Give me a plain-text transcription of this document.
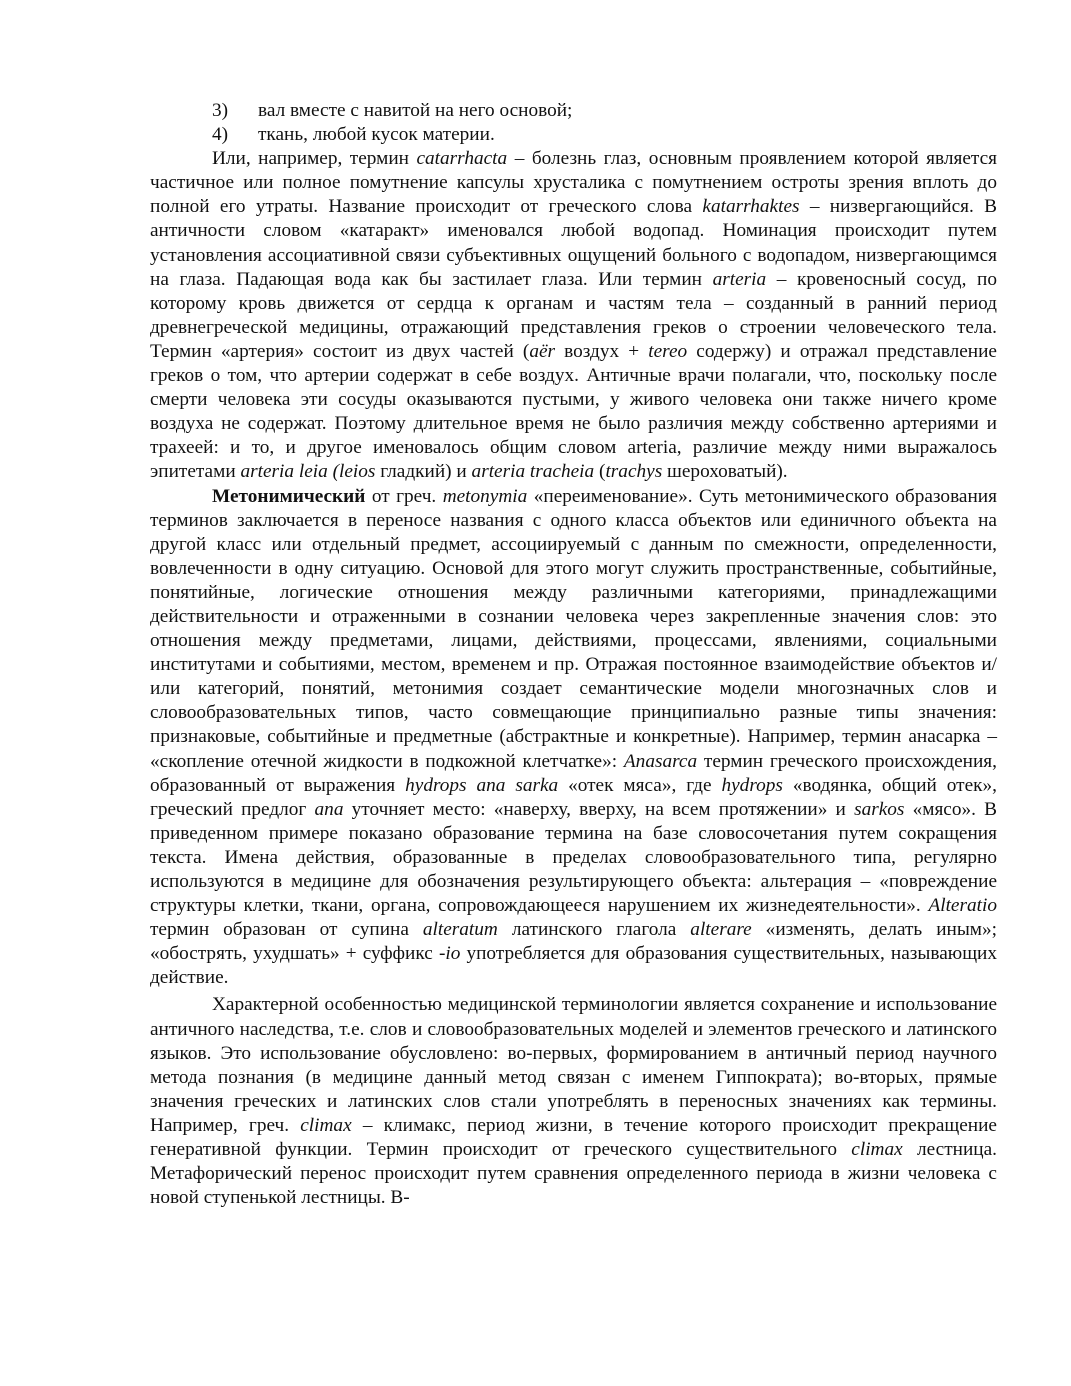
3)	вал вместе с навитой на него основой;
4)	ткань, любой кусок материи.

Или, например, термин catarrhacta – болезнь глаз, основным проявлением которой является частичное или полное помутнение капсулы хрусталика с помутнением остроты зрения вплоть до полной его утраты. Название происходит от греческого слова katarrhaktes – низвергающийся. В античности словом «катаракт» именовался любой водопад. Номинация происходит путем установления ассоциативной связи субъективных ощущений больного с водопадом, низвергающимся на глаза. Падающая вода как бы застилает глаза. Или термин arteria – кровеносный сосуд, по которому кровь движется от сердца к органам и частям тела – созданный в ранний период древнегреческой медицины, отражающий представления греков о строении человеческого тела. Термин «артерия» состоит из двух частей (aёr воздух + tereo содержу) и отражал представление греков о том, что артерии содержат в себе воздух. Античные врачи полагали, что, поскольку после смерти человека эти сосуды оказываются пустыми, у живого человека они также ничего кроме воздуха не содержат. Поэтому длительное время не было различия между собственно артериями и трахеей: и то, и другое именовалось общим словом arteria, различие между ними выражалось эпитетами arteria leia (leios гладкий) и arteria tracheia (trachys шероховатый).

Метонимический от греч. metonymia «переименование». Суть метонимического образования терминов заключается в переносе названия с одного класса объектов или единичного объекта на другой класс или отдельный предмет, ассоциируемый с данным по смежности, определенности, вовлеченности в одну ситуацию. Основой для этого могут служить пространственные, событийные, понятийные, логические отношения между различными категориями, принадлежащими действительности и отраженными в сознании человека через закрепленные значения слов: это отношения между предметами, лицами, действиями, процессами, явлениями, социальными институтами и событиями, местом, временем и пр. Отражая постоянное взаимодействие объектов и/или категорий, понятий, метонимия создает семантические модели многозначных слов и словообразовательных типов, часто совмещающие принципиально разные типы значения: признаковые, событийные и предметные (абстрактные и конкретные). Например, термин анасарка – «скопление отечной жидкости в подкожной клетчатке»: Anasarca термин греческого происхождения, образованный от выражения hydrops ana sarka «отек мяса», где hydrops «водянка, общий отек», греческий предлог ana уточняет место: «наверху, вверху, на всем протяжении» и sarkos «мясо». В приведенном примере показано образование термина на базе словосочетания путем сокращения текста. Имена действия, образованные в пределах словообразовательного типа, регулярно используются в медицине для обозначения результирующего объекта: альтерация – «повреждение структуры клетки, ткани, органа, сопровождающееся нарушением их жизнедеятельности». Alteratio термин образован от супина alteratum латинского глагола alterare «изменять, делать иным»; «обострять, ухудшать» + суффикс -io употребляется для образования существительных, называющих действие.

Характерной особенностью медицинской терминологии является сохранение и использование античного наследства, т.е. слов и словообразовательных моделей и элементов греческого и латинского языков. Это использование обусловлено: во-первых, формированием в античный период научного метода познания (в медицине данный метод связан с именем Гиппократа); во-вторых, прямые значения греческих и латинских слов стали употреблять в переносных значениях как термины. Например, греч. climax – климакс, период жизни, в течение которого происходит прекращение генеративной функции. Термин происходит от греческого существительного climax лестница. Метафорический перенос происходит путем сравнения определенного периода в жизни человека с новой ступенькой лестницы. В-
